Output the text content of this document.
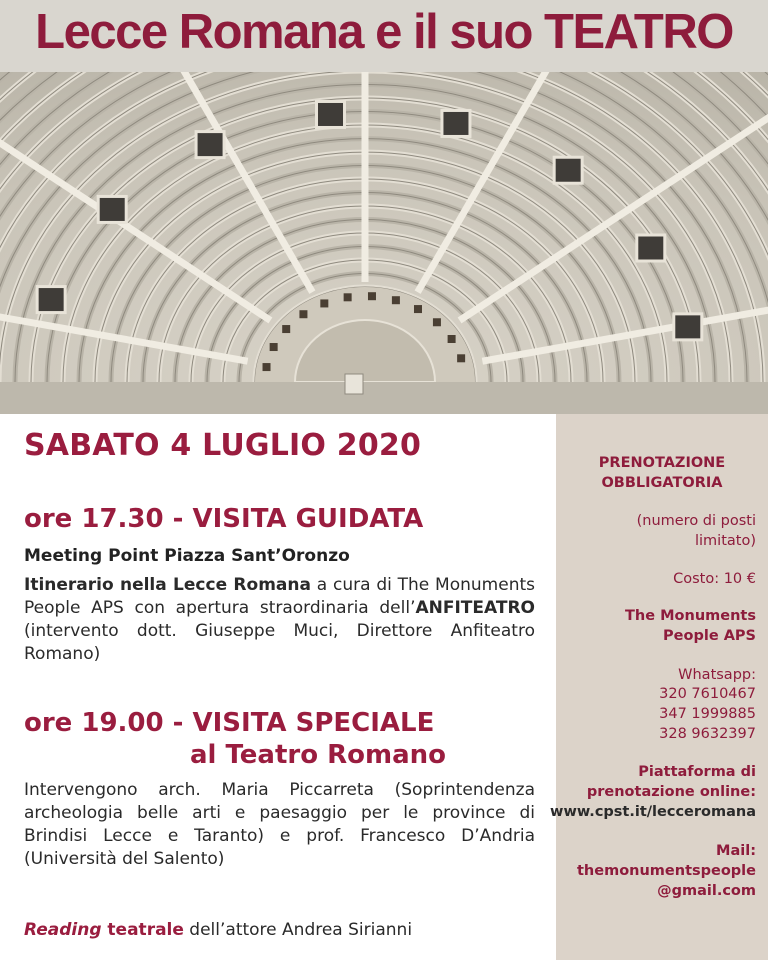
Lecce Romana e il suo TEATRO
SABATO 4 LUGLIO 2020
ore 17.30 - VISITA GUIDATA
Meeting Point Piazza Sant’Oronzo
Itinerario nella Lecce Romana a cura di The Monuments People APS con apertura straordinaria dell’ANFITEATRO (intervento dott. Giuseppe Muci, Direttore Anfiteatro Romano)
ore 19.00 - VISITA SPECIALE
al Teatro Romano
Intervengono arch. Maria Piccarreta (Soprintendenza archeologia belle arti e paesaggio per le province di Brindisi Lecce e Taranto) e prof. Francesco D’Andria (Università del Salento)
Reading teatrale dell’attore Andrea Sirianni
PRENOTAZIONE
OBBLIGATORIA
(numero di posti
limitato)
Costo: 10 €
The Monuments
People APS
Whatsapp:
320 7610467
347 1999885
328 9632397
Piattaforma di
prenotazione online:
www.cpst.it/lecceromana
Mail:
themonumentspeople
@gmail.com
